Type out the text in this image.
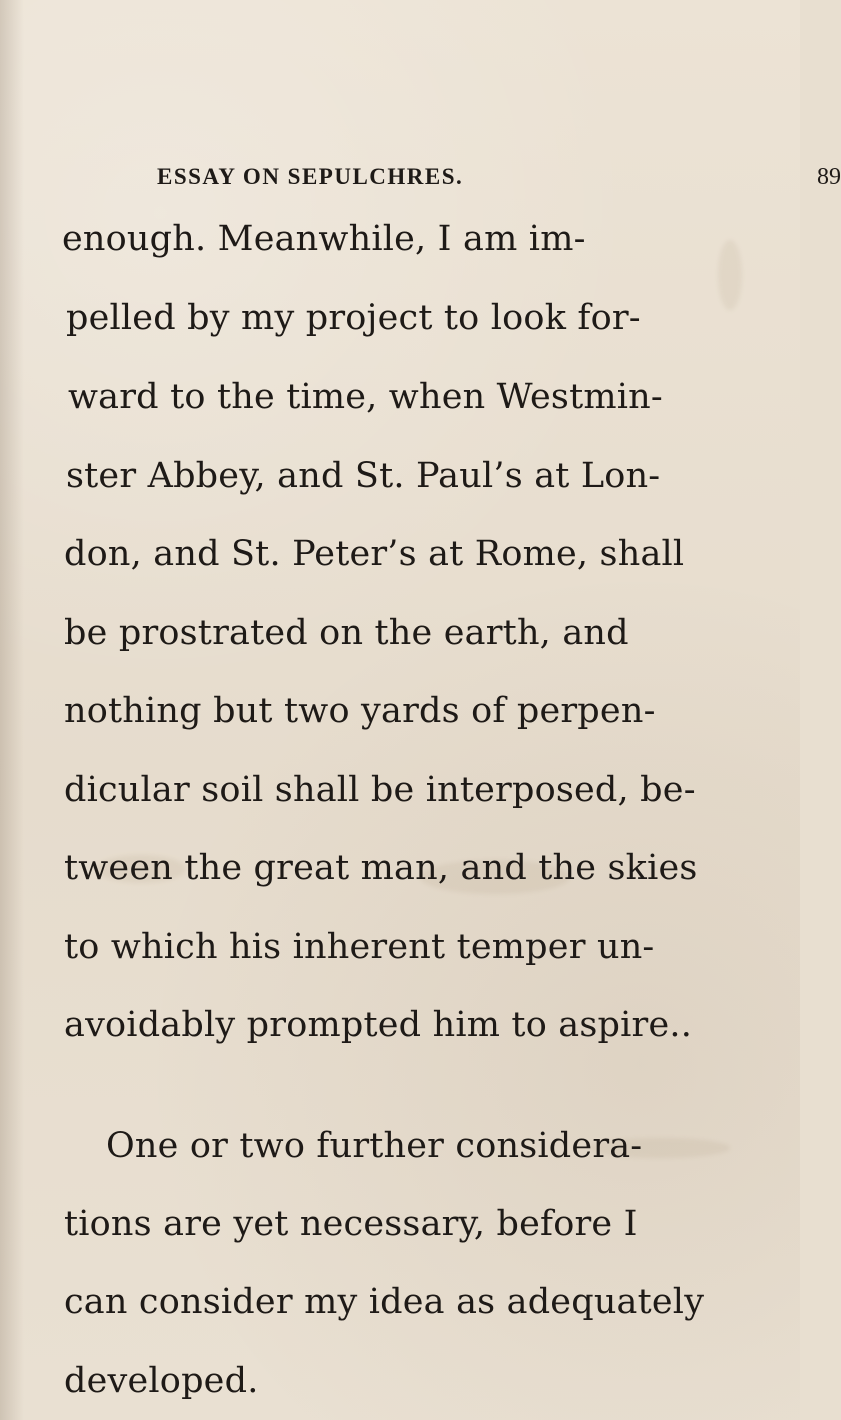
ESSAY ON SEPULCHRES.	89
enough. Meanwhile, I am im-
pelled by my project to look for-
ward to the time, when Westmin-
ster Abbey, and St. Paul’s at Lon-
don, and St. Peter’s at Rome, shall
be prostrated on the earth, and
nothing but two yards of perpen-
dicular soil shall be interposed, be-
tween the great man, and the skies
to which his inherent temper un-
avoidably prompted him to aspire..
One or two further considera-
tions are yet necessary, before I
can consider my idea as adequately
developed.
